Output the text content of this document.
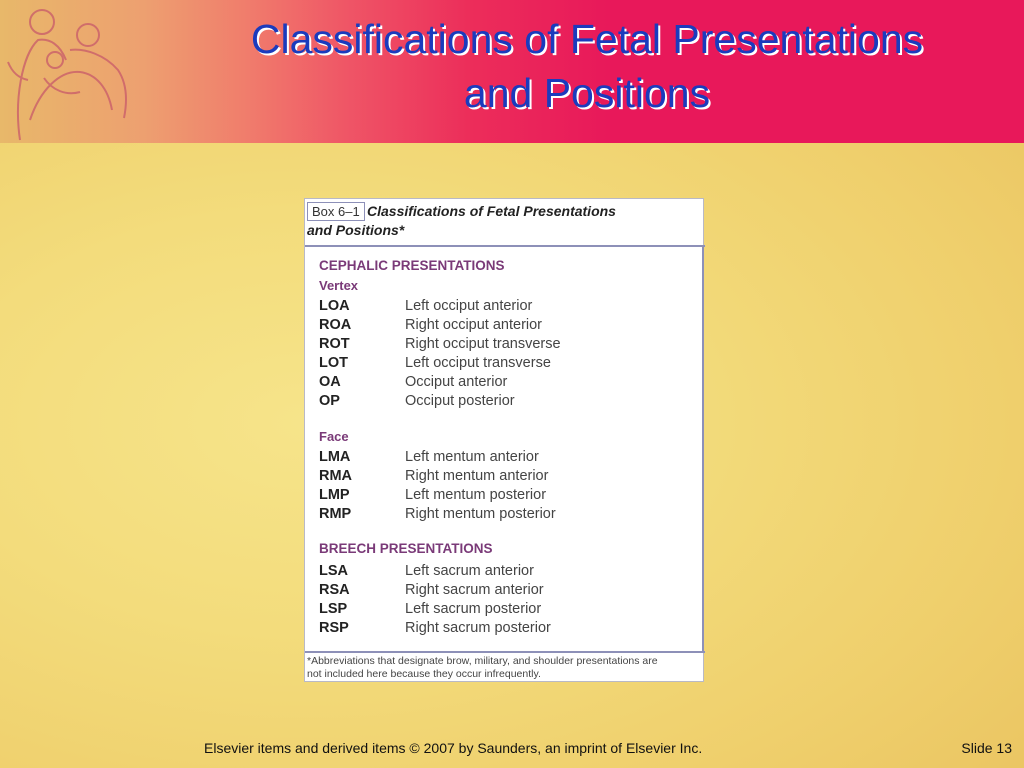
Classifications of Fetal Presentations
and Positions
Box 6–1 Classifications of Fetal Presentations
and Positions*
CEPHALIC PRESENTATIONS
Vertex
LOA	Left occiput anterior
ROA	Right occiput anterior
ROT	Right occiput transverse
LOT	Left occiput transverse
OA	Occiput anterior
OP	Occiput posterior
Face
LMA	Left mentum anterior
RMA	Right mentum anterior
LMP	Left mentum posterior
RMP	Right mentum posterior
BREECH PRESENTATIONS
LSA	Left sacrum anterior
RSA	Right sacrum anterior
LSP	Left sacrum posterior
RSP	Right sacrum posterior
*Abbreviations that designate brow, military, and shoulder presentations are
not included here because they occur infrequently.
Elsevier items and derived items © 2007 by Saunders, an imprint of Elsevier Inc.	Slide 13
